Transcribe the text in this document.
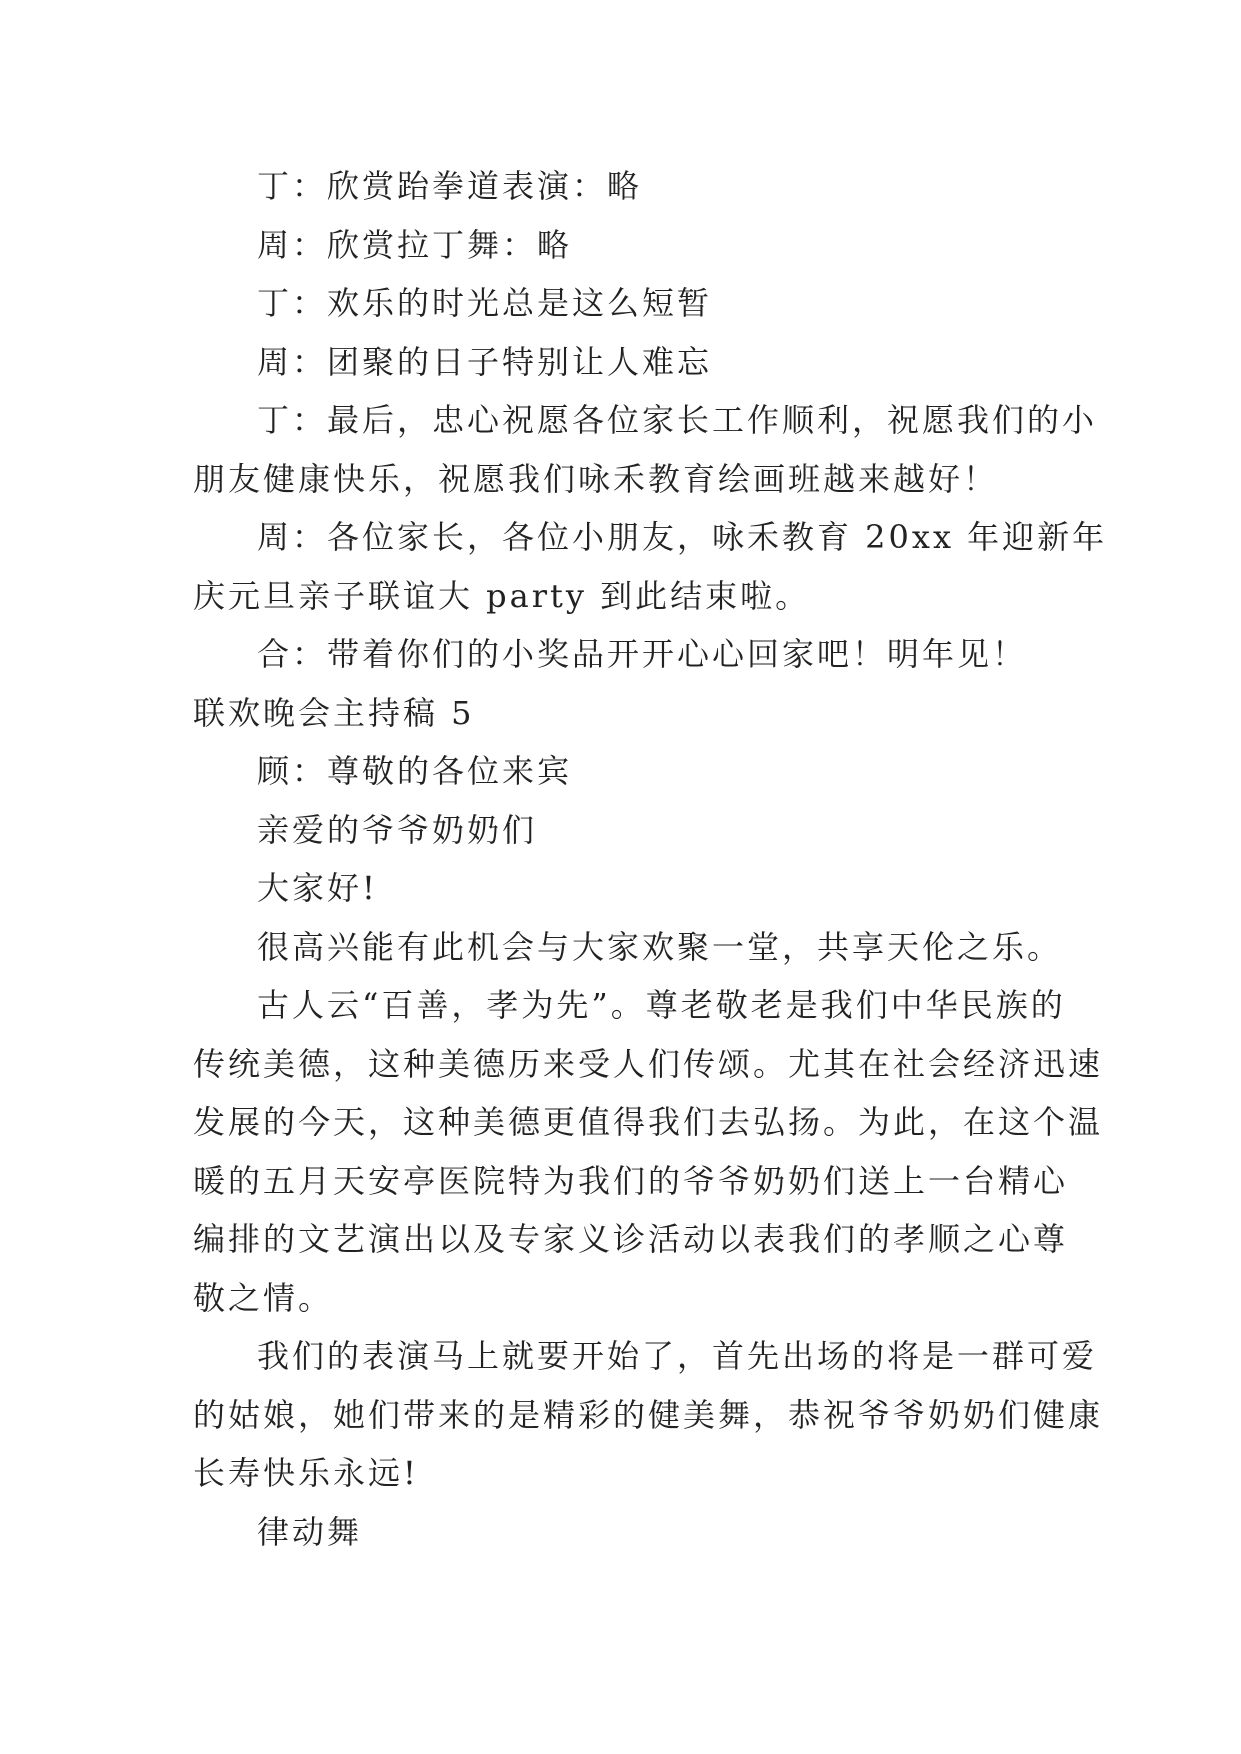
丁：欣赏跆拳道表演：略
周：欣赏拉丁舞：略
丁：欢乐的时光总是这么短暂
周：团聚的日子特别让人难忘
丁：最后，忠心祝愿各位家长工作顺利，祝愿我们的小
朋友健康快乐，祝愿我们咏禾教育绘画班越来越好！
周：各位家长，各位小朋友，咏禾教育 20xx 年迎新年
庆元旦亲子联谊大 party 到此结束啦。
合：带着你们的小奖品开开心心回家吧！明年见！
联欢晚会主持稿 5
顾：尊敬的各位来宾
亲爱的爷爷奶奶们
大家好!
很高兴能有此机会与大家欢聚一堂，共享天伦之乐。
古人云“百善，孝为先”。尊老敬老是我们中华民族的
传统美德，这种美德历来受人们传颂。尤其在社会经济迅速
发展的今天，这种美德更值得我们去弘扬。为此，在这个温
暖的五月天安亭医院特为我们的爷爷奶奶们送上一台精心
编排的文艺演出以及专家义诊活动以表我们的孝顺之心尊
敬之情。
我们的表演马上就要开始了，首先出场的将是一群可爱
的姑娘，她们带来的是精彩的健美舞，恭祝爷爷奶奶们健康
长寿快乐永远!
律动舞
